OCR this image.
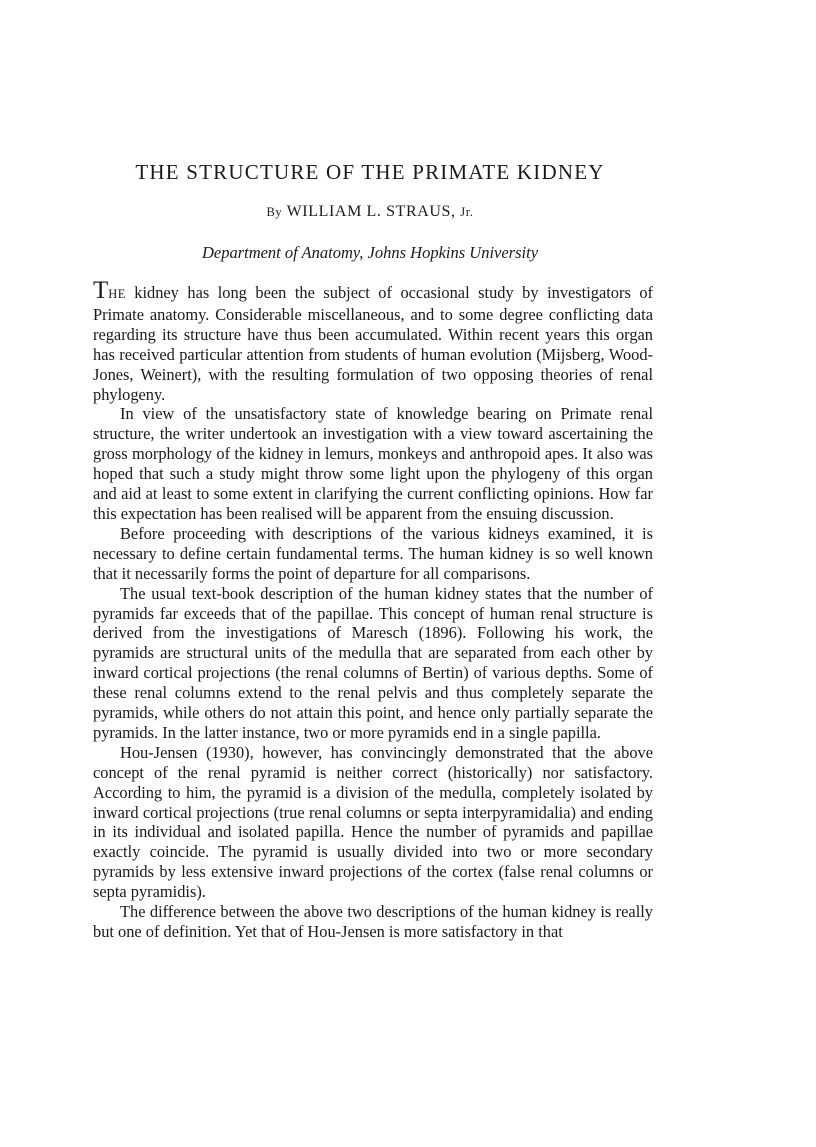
THE STRUCTURE OF THE PRIMATE KIDNEY
By WILLIAM L. STRAUS, Jr.
Department of Anatomy, Johns Hopkins University

THE kidney has long been the subject of occasional study by investigators of Primate anatomy. Considerable miscellaneous, and to some degree conflicting data regarding its structure have thus been accumulated. Within recent years this organ has received particular attention from students of human evolution (Mijsberg, Wood-Jones, Weinert), with the resulting formulation of two opposing theories of renal phylogeny.

In view of the unsatisfactory state of knowledge bearing on Primate renal structure, the writer undertook an investigation with a view toward ascertaining the gross morphology of the kidney in lemurs, monkeys and anthropoid apes. It also was hoped that such a study might throw some light upon the phylogeny of this organ and aid at least to some extent in clarifying the current conflicting opinions. How far this expectation has been realised will be apparent from the ensuing discussion.

Before proceeding with descriptions of the various kidneys examined, it is necessary to define certain fundamental terms. The human kidney is so well known that it necessarily forms the point of departure for all comparisons.

The usual text-book description of the human kidney states that the number of pyramids far exceeds that of the papillae. This concept of human renal structure is derived from the investigations of Maresch (1896). Following his work, the pyramids are structural units of the medulla that are separated from each other by inward cortical projections (the renal columns of Bertin) of various depths. Some of these renal columns extend to the renal pelvis and thus completely separate the pyramids, while others do not attain this point, and hence only partially separate the pyramids. In the latter instance, two or more pyramids end in a single papilla.

Hou-Jensen (1930), however, has convincingly demonstrated that the above concept of the renal pyramid is neither correct (historically) nor satisfactory. According to him, the pyramid is a division of the medulla, completely isolated by inward cortical projections (true renal columns or septa interpyramidalia) and ending in its individual and isolated papilla. Hence the number of pyramids and papillae exactly coincide. The pyramid is usually divided into two or more secondary pyramids by less extensive inward projections of the cortex (false renal columns or septa pyramidis).

The difference between the above two descriptions of the human kidney is really but one of definition. Yet that of Hou-Jensen is more satisfactory in that
